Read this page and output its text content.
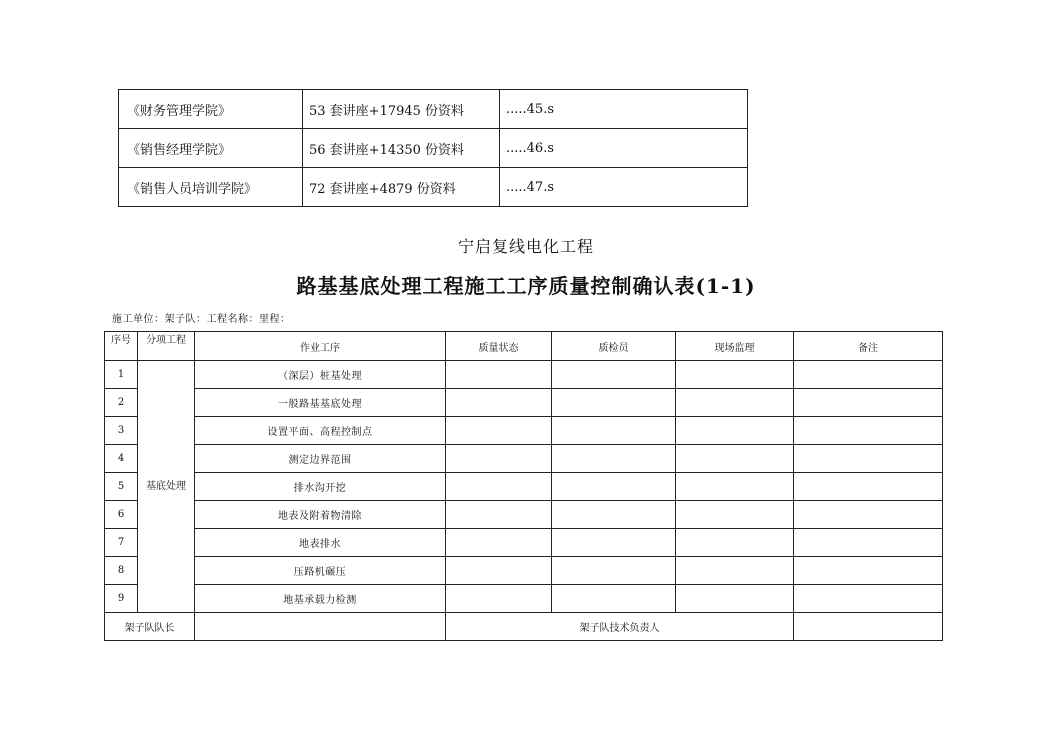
《财务管理学院》	53 套讲座+17945 份资料	.....45.s
《销售经理学院》	56 套讲座+14350 份资料	.....46.s
《销售人员培训学院》	72 套讲座+4879 份资料	.....47.s
宁启复线电化工程
路基基底处理工程施工工序质量控制确认表(1-1)
施工单位：架子队：工程名称：里程：
序号	分项工程	作业工序	质量状态	质检员	现场监理	备注
1	基底处理	（深层）桩基处理				
2		一般路基基底处理				
3		设置平面、高程控制点				
4		测定边界范围				
5		排水沟开挖				
6		地表及附着物清除				
7		地表排水				
8		压路机碾压				
9		地基承载力检测				
架子队队长			架子队技术负责人			
